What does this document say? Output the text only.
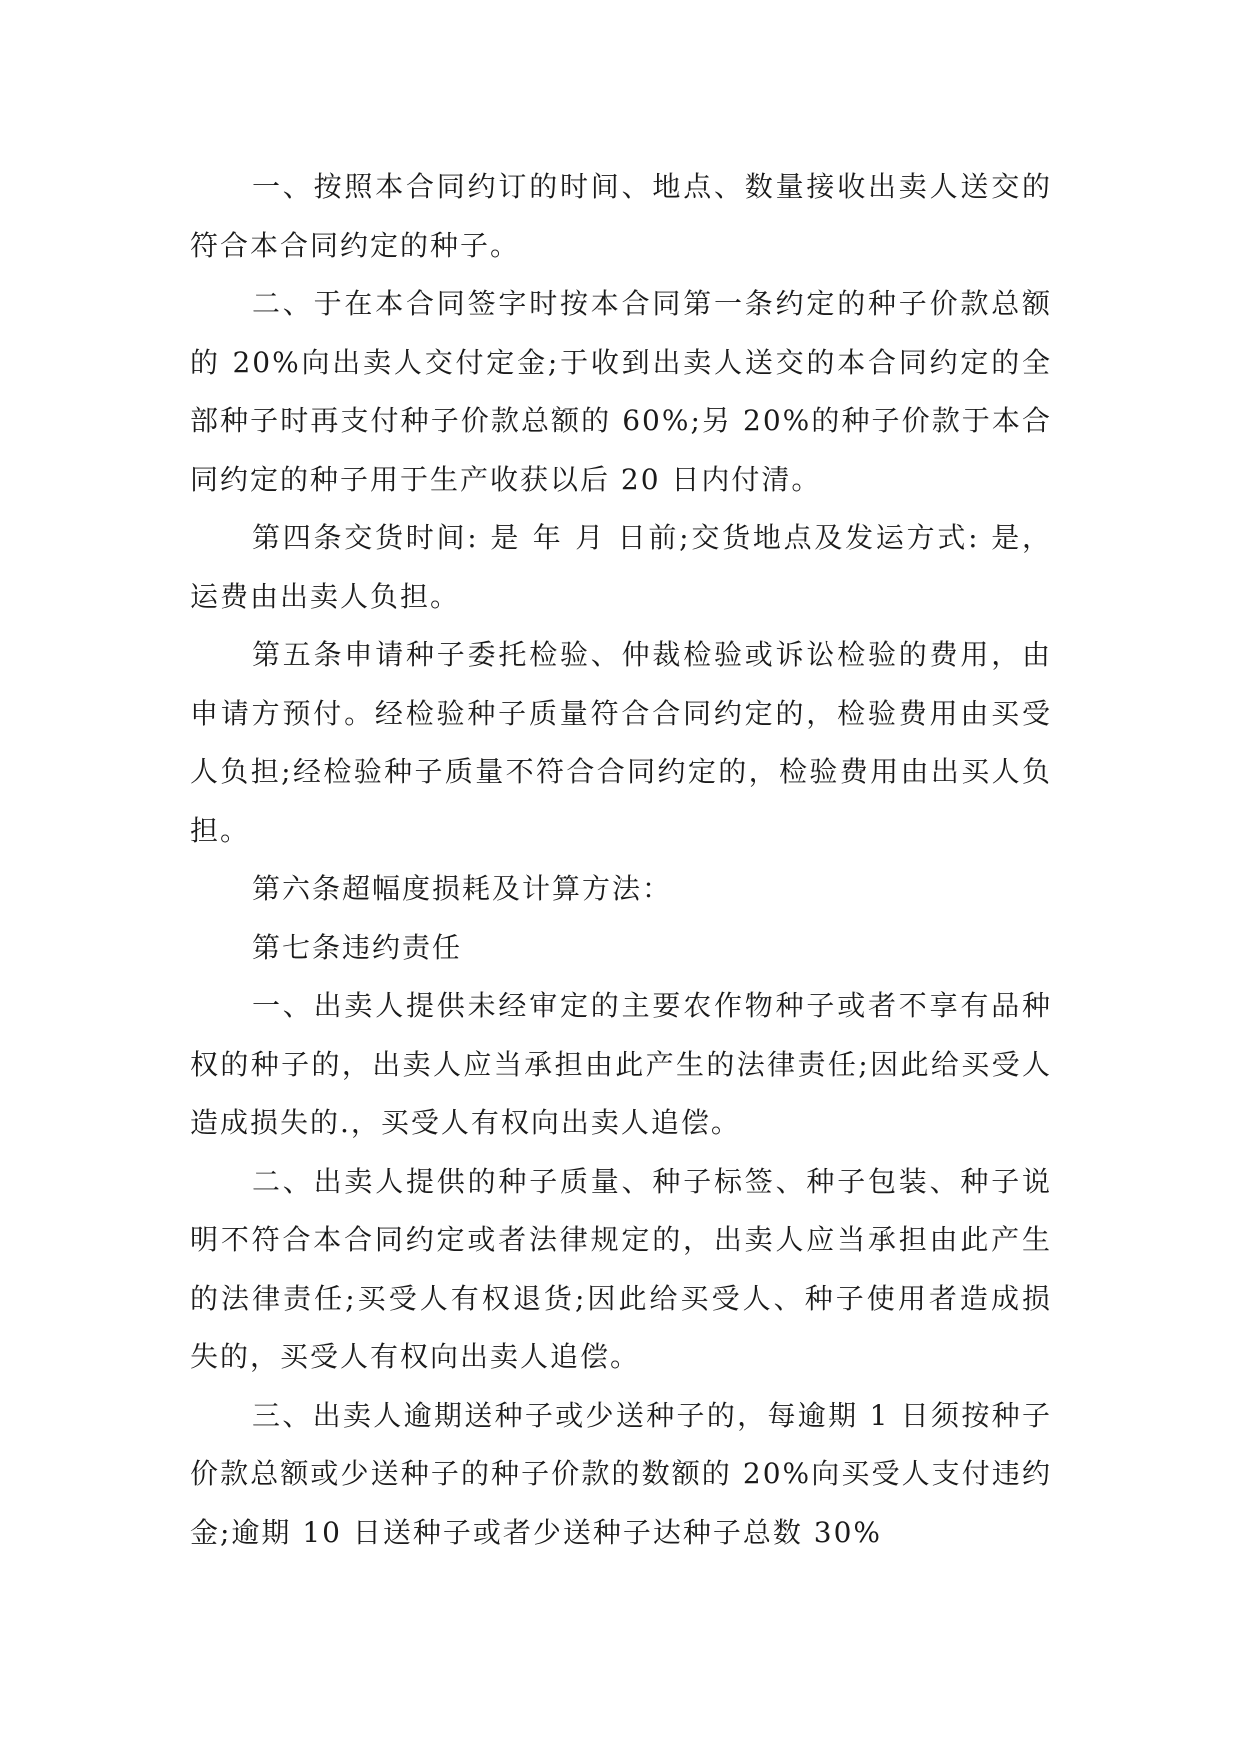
一、按照本合同约订的时间、地点、数量接收出卖人送交的符合本合同约定的种子。

二、于在本合同签字时按本合同第一条约定的种子价款总额的 20%向出卖人交付定金;于收到出卖人送交的本合同约定的全部种子时再支付种子价款总额的 60%;另 20%的种子价款于本合同约定的种子用于生产收获以后 20 日内付清。

第四条交货时间: 是 年 月 日前;交货地点及发运方式: 是，运费由出卖人负担。

第五条申请种子委托检验、仲裁检验或诉讼检验的费用，由申请方预付。经检验种子质量符合合同约定的，检验费用由买受人负担;经检验种子质量不符合合同约定的，检验费用由出买人负担。

第六条超幅度损耗及计算方法：

第七条违约责任

一、出卖人提供未经审定的主要农作物种子或者不享有品种权的种子的，出卖人应当承担由此产生的法律责任;因此给买受人造成损失的.，买受人有权向出卖人追偿。

二、出卖人提供的种子质量、种子标签、种子包装、种子说明不符合本合同约定或者法律规定的，出卖人应当承担由此产生的法律责任;买受人有权退货;因此给买受人、种子使用者造成损失的，买受人有权向出卖人追偿。

三、出卖人逾期送种子或少送种子的，每逾期 1 日须按种子价款总额或少送种子的种子价款的数额的 20%向买受人支付违约金;逾期 10 日送种子或者少送种子达种子总数 30%
